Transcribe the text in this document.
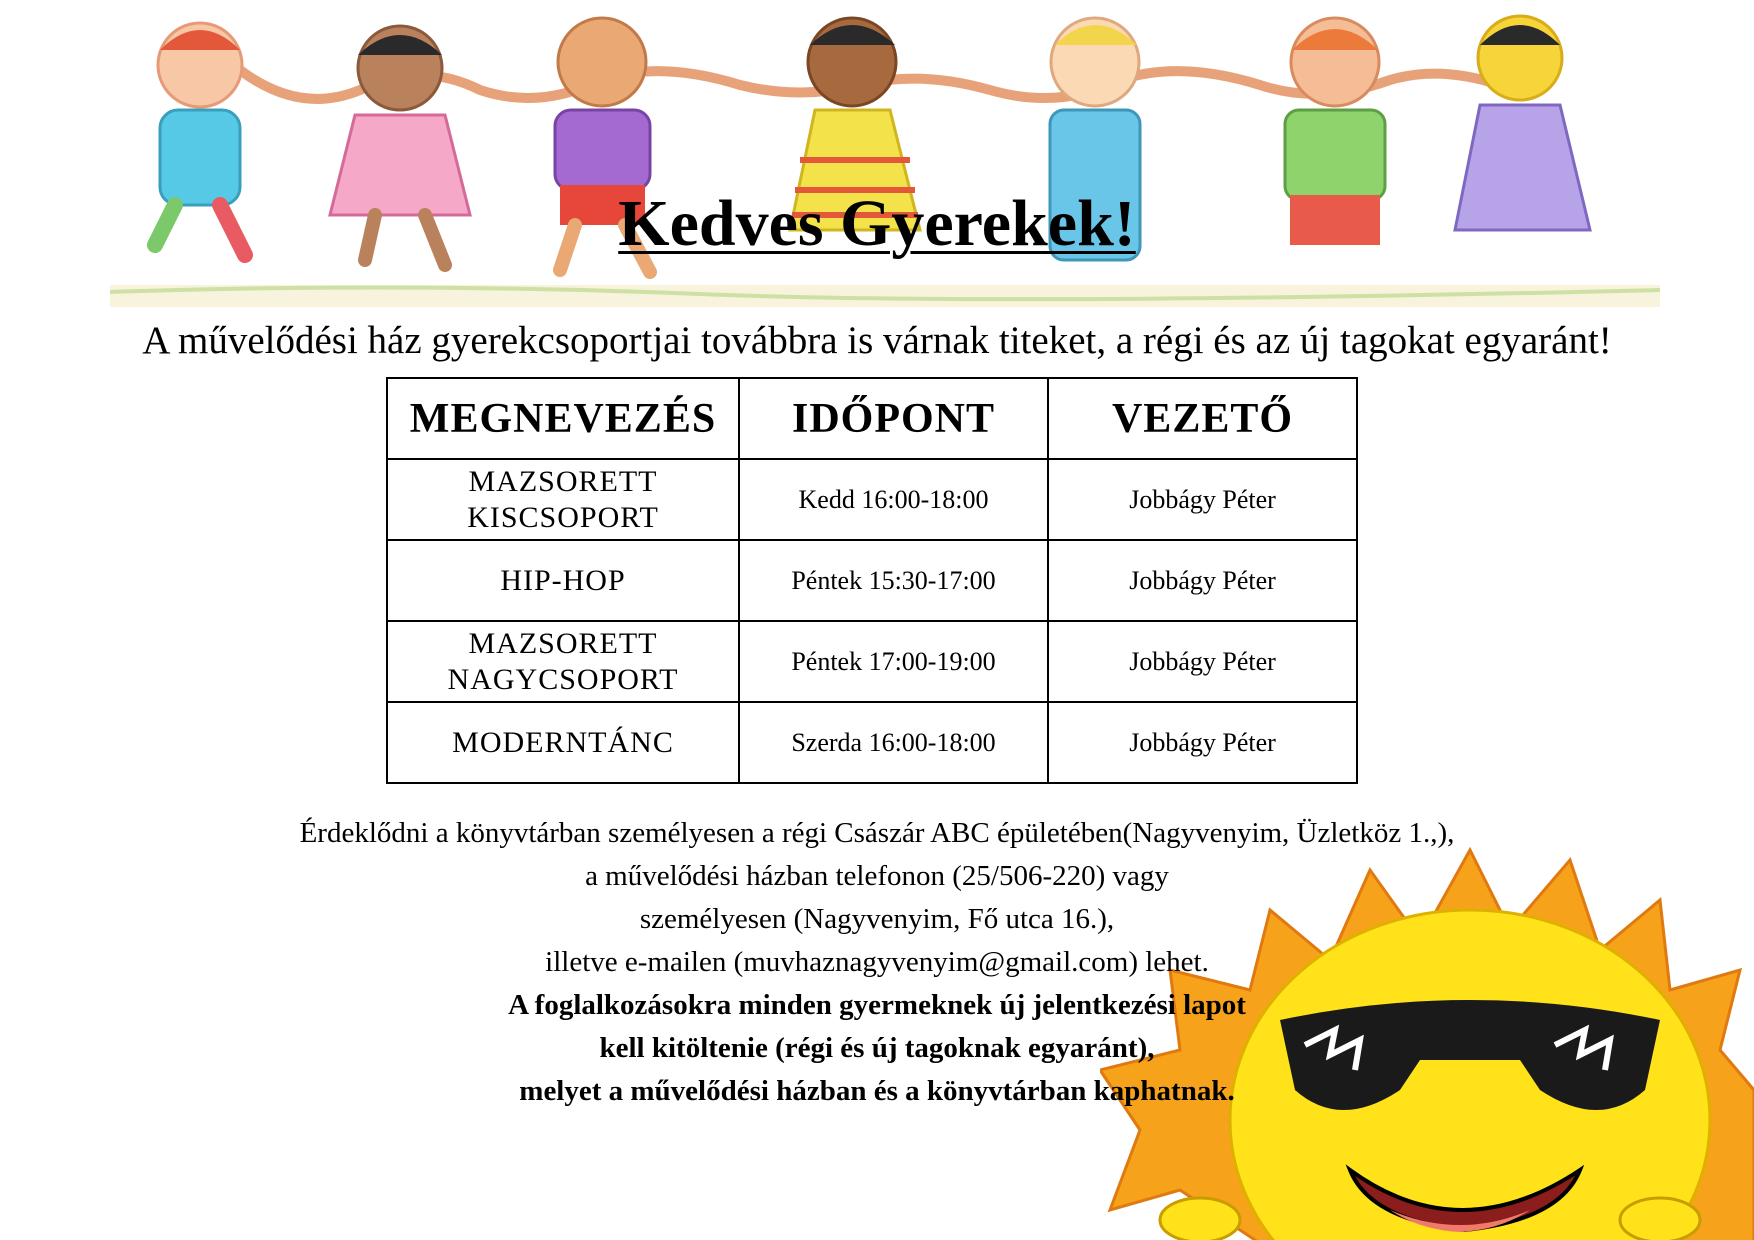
Kedves Gyerekek!

A művelődési ház gyerekcsoportjai továbbra is várnak titeket, a régi és az új tagokat egyaránt!

MEGNEVEZÉS	IDŐPONT	VEZETŐ

MAZSORETT
KISCSOPORT	Kedd 16:00-18:00	Jobbágy Péter

HIP-HOP	Péntek 15:30-17:00	Jobbágy Péter

MAZSORETT
NAGYCSOPORT	Péntek 17:00-19:00	Jobbágy Péter

MODERNTÁNC	Szerda 16:00-18:00	Jobbágy Péter

Érdeklődni a könyvtárban személyesen a régi Császár ABC épületében(Nagyvenyim, Üzletköz 1.,),

a művelődési házban telefonon (25/506-220) vagy

személyesen (Nagyvenyim, Fő utca 16.),

illetve e-mailen (muvhaznagyvenyim@gmail.com) lehet.

A foglalkozásokra minden gyermeknek új jelentkezési lapot

kell kitöltenie (régi és új tagoknak egyaránt),

melyet a művelődési házban és a könyvtárban kaphatnak.
